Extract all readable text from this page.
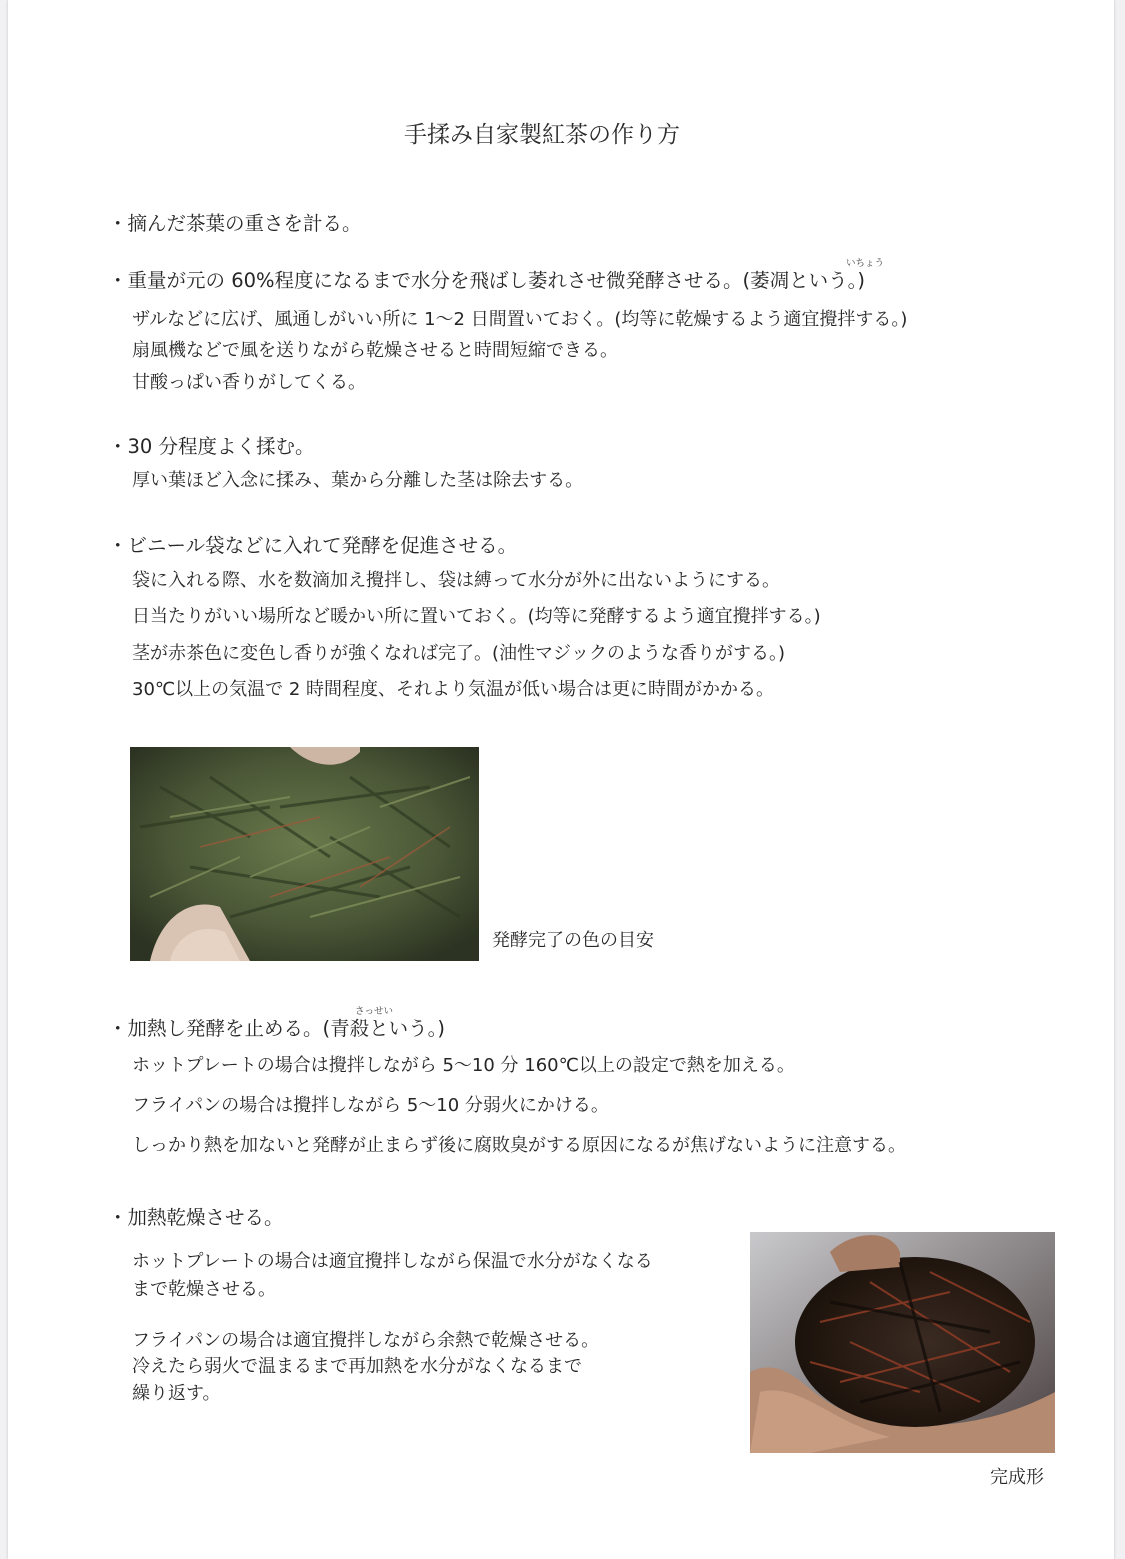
手揉み自家製紅茶の作り方
・摘んだ茶葉の重さを計る。
いちょう
・重量が元の 60%程度になるまで水分を飛ばし萎れさせ微発酵させる。(萎凋という。)
ザルなどに広げ、風通しがいい所に 1〜2 日間置いておく。(均等に乾燥するよう適宜攪拌する。)
扇風機などで風を送りながら乾燥させると時間短縮できる。
甘酸っぱい香りがしてくる。
・30 分程度よく揉む。
厚い葉ほど入念に揉み、葉から分離した茎は除去する。
・ビニール袋などに入れて発酵を促進させる。
袋に入れる際、水を数滴加え攪拌し、袋は縛って水分が外に出ないようにする。
日当たりがいい場所など暖かい所に置いておく。(均等に発酵するよう適宜攪拌する。)
茎が赤茶色に変色し香りが強くなれば完了。(油性マジックのような香りがする。)
30℃以上の気温で 2 時間程度、それより気温が低い場合は更に時間がかかる。
発酵完了の色の目安
さっせい
・加熱し発酵を止める。(青殺という。)
ホットプレートの場合は攪拌しながら 5〜10 分 160℃以上の設定で熱を加える。
フライパンの場合は攪拌しながら 5〜10 分弱火にかける。
しっかり熱を加ないと発酵が止まらず後に腐敗臭がする原因になるが焦げないように注意する。
・加熱乾燥させる。
ホットプレートの場合は適宜攪拌しながら保温で水分がなくなる
まで乾燥させる。
フライパンの場合は適宜攪拌しながら余熱で乾燥させる。
冷えたら弱火で温まるまで再加熱を水分がなくなるまで
繰り返す。
完成形
